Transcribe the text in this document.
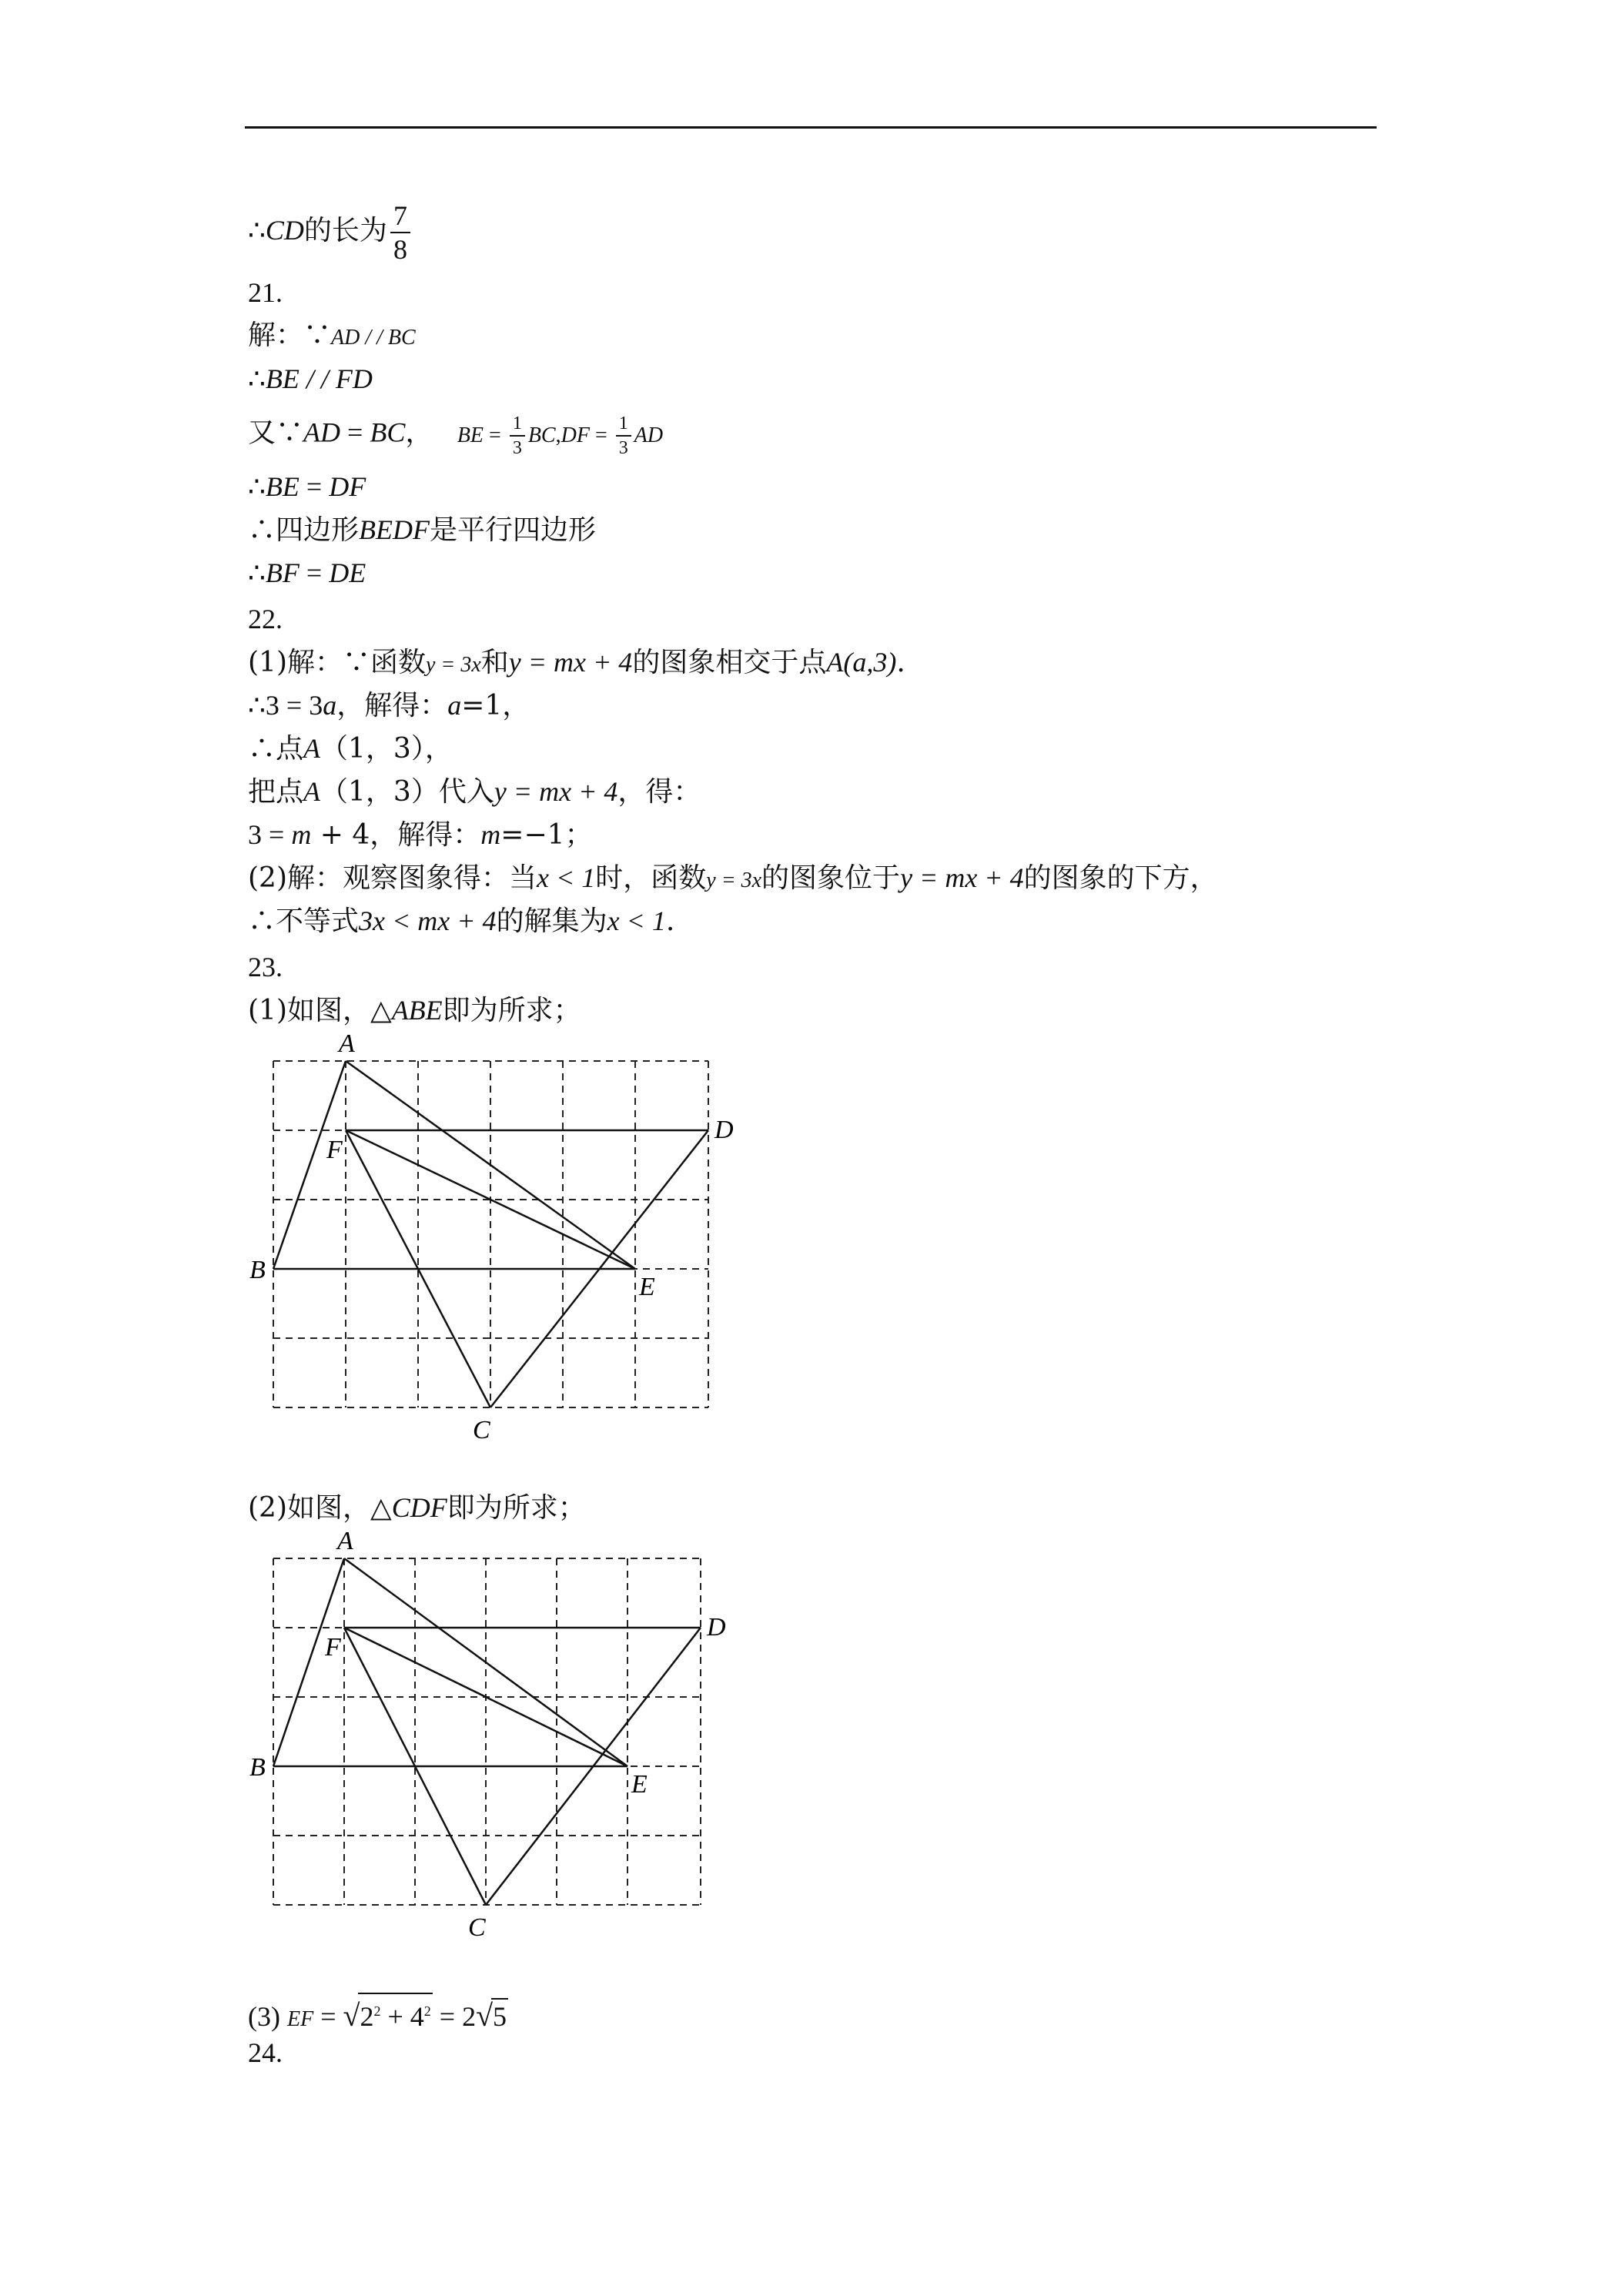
∴CD的长为 $\frac{7}{8}$
21.
解：∵AD / / BC
∴BE / / FD
又∵AD = BC， BE = $\frac{1}{3} BC,DF = \frac{1}{3}$ AD
∴BE = DF
∴四边形BEDF是平行四边形
∴BF = DE
22.
(1)解：∵函数y = 3x和y = mx + 4的图象相交于点A(a,3).
∴3 = 3a，解得：a=1，
∴点A（1，3），
把点A（1，3）代入y = mx + 4，得：
3 = m + 4，解得：m=−1；
(2)解：观察图象得：当x < 1时，函数y = 3x的图象位于y = mx + 4的图象的下方，
∴不等式3x < mx + 4的解集为x < 1.
23.
(1)如图，△ABE即为所求；
A
F
D
B
E
C
(2)如图，△CDF即为所求；
A
F
D
B
E
C
(3) EF = $√2^2 + 4^2 = 2√5$
24.
